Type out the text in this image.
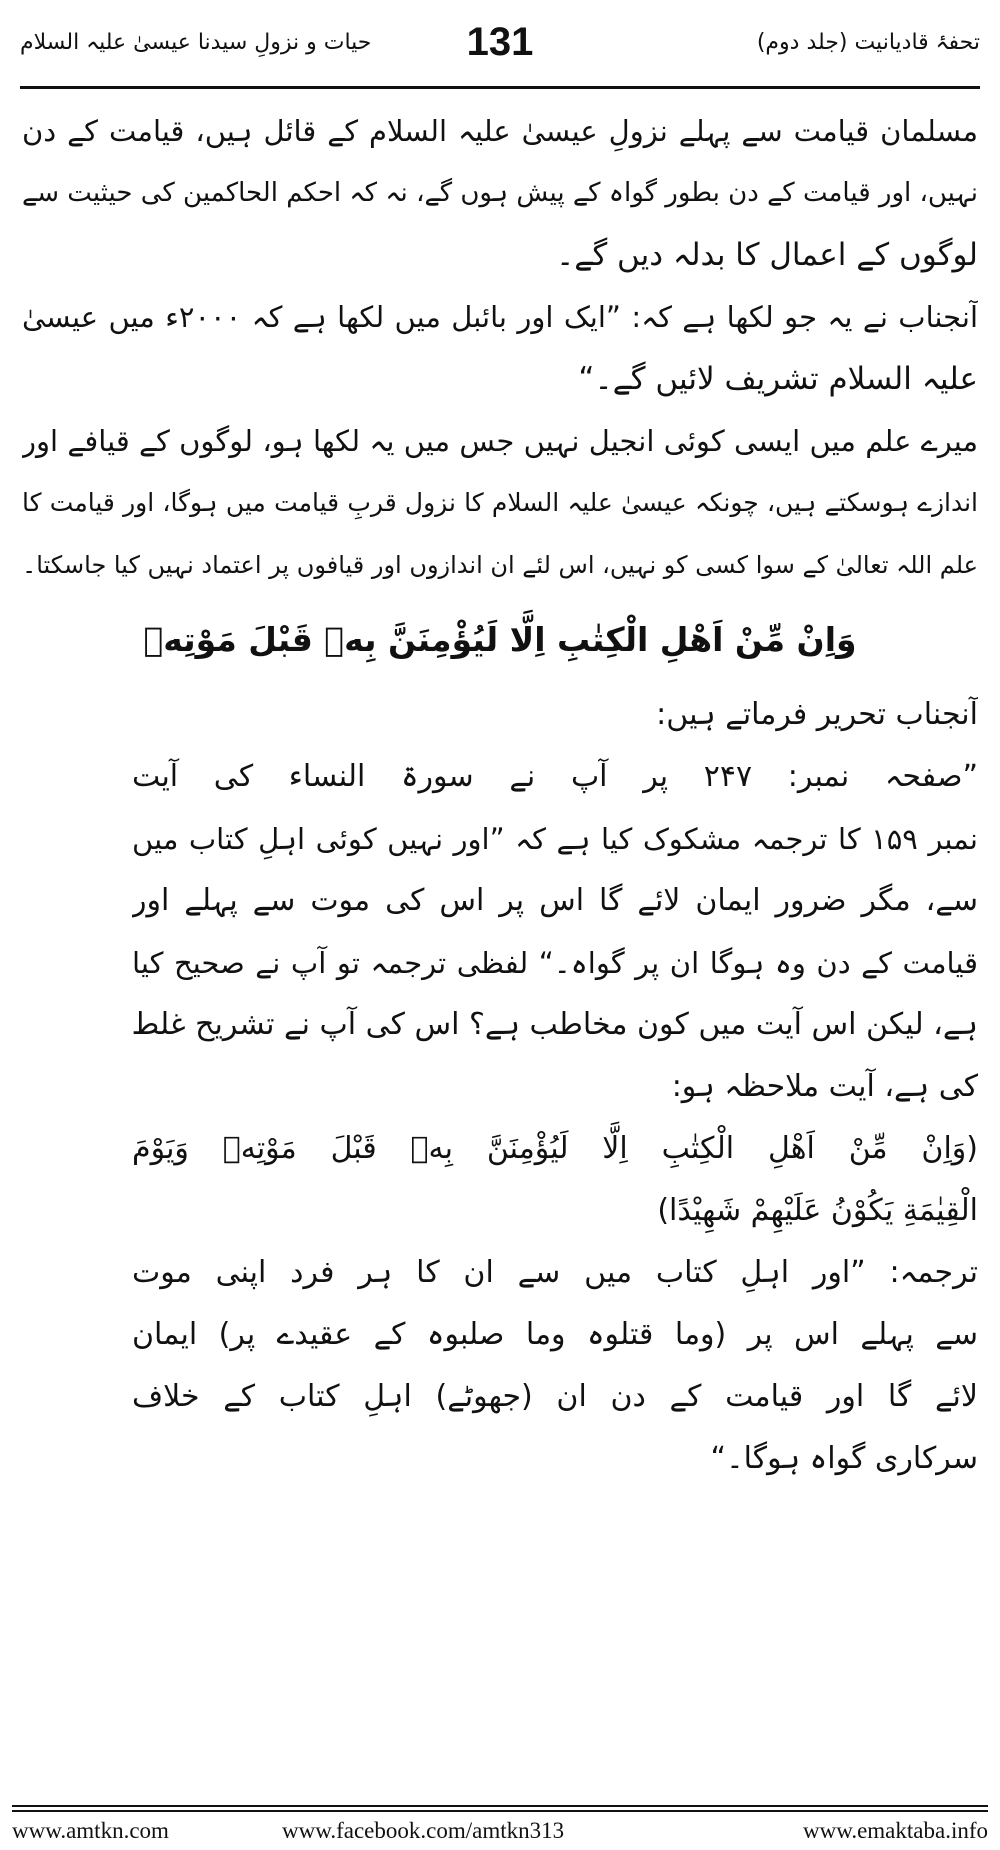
حیات و نزولِ سیدنا عیسیٰ علیہ السلام	131	تحفۂ قادیانیت (جلد دوم)
مسلمان قیامت سے پہلے نزولِ عیسیٰ علیہ السلام کے قائل ہیں، قیامت کے دن
نہیں، اور قیامت کے دن بطور گواہ کے پیش ہوں گے، نہ کہ احکم الحاکمین کی حیثیت سے
لوگوں کے اعمال کا بدلہ دیں گے۔
آنجناب نے یہ جو لکھا ہے کہ: ”ایک اور بائبل میں لکھا ہے کہ ۲۰۰۰ء میں عیسیٰ
علیہ السلام تشریف لائیں گے۔“
میرے علم میں ایسی کوئی انجیل نہیں جس میں یہ لکھا ہو، لوگوں کے قیافے اور
اندازے ہوسکتے ہیں، چونکہ عیسیٰ علیہ السلام کا نزول قربِ قیامت میں ہوگا، اور قیامت کا
علم اللہ تعالیٰ کے سوا کسی کو نہیں، اس لئے ان اندازوں اور قیافوں پر اعتماد نہیں کیا جاسکتا۔
وَاِنْ مِّنْ اَهْلِ الْكِتٰبِ اِلَّا لَيُؤْمِنَنَّ بِهٖ قَبْلَ مَوْتِهٖ
آنجناب تحریر فرماتے ہیں:
”صفحہ نمبر: ۲۴۷ پر آپ نے سورۃ النساء کی آیت
نمبر ۱۵۹ کا ترجمہ مشکوک کیا ہے کہ ”اور نہیں کوئی اہلِ کتاب میں
سے، مگر ضرور ایمان لائے گا اس پر اس کی موت سے پہلے اور
قیامت کے دن وہ ہوگا ان پر گواہ۔“ لفظی ترجمہ تو آپ نے صحیح کیا
ہے، لیکن اس آیت میں کون مخاطب ہے؟ اس کی آپ نے تشریح غلط
کی ہے، آیت ملاحظہ ہو:
(وَاِنْ مِّنْ اَهْلِ الْكِتٰبِ اِلَّا لَيُؤْمِنَنَّ بِهٖ قَبْلَ مَوْتِهٖ وَيَوْمَ
الْقِيٰمَةِ يَكُوْنُ عَلَيْهِمْ شَهِيْدًا)
ترجمہ: ”اور اہلِ کتاب میں سے ان کا ہر فرد اپنی موت
سے پہلے اس پر (وما قتلوہ وما صلبوہ کے عقیدے پر) ایمان
لائے گا اور قیامت کے دن ان (جھوٹے) اہلِ کتاب کے خلاف
سرکاری گواہ ہوگا۔“
www.amtkn.com	www.facebook.com/amtkn313	www.emaktaba.info
